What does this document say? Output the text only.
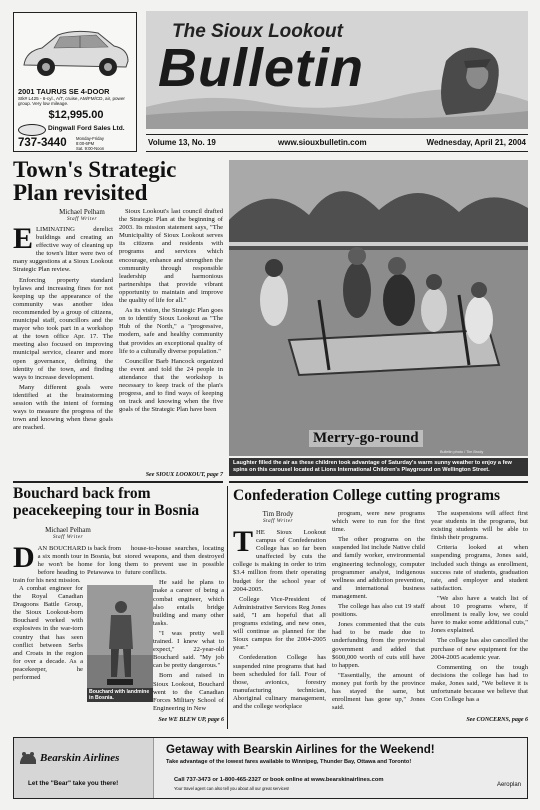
2001 TAURUS SE 4-DOOR
Stk# L425 - 6-cyl., A/T, cruise, AM/FM/CD, air, power group. Very low mileage.
$12,995.00
Dingwall Ford Sales Ltd.
737-3440 Monday-Friday
8:00-6PM
Sat. 9:00-Noon
The Sioux Lookout
Bulletin
Volume 13, No. 19	www.siouxbulletin.com	Wednesday, April 21, 2004
Town's Strategic Plan revisited
Michael Pelham
Staff Writer

ELIMINATING derelict buildings and creating an effective way of cleaning up the town's litter were two of many suggestions at a Sioux Lookout Strategic Plan review.

Enforcing property standard bylaws and increasing fines for not keeping up the appearance of the community was another idea recommended by a group of citizens, municipal staff, councillors and the mayor who took part in a workshop at the town office Apr. 17. The meeting also focused on improving municipal service, clearer and more open governance, defining the identity of the town, and finding ways to increase development.

Many different goals were identified at the brainstorming session with the intent of forming ways to measure the progress of the town and knowing when these goals are reached.

Sioux Lookout's last council drafted the Strategic Plan at the beginning of 2003. Its mission statement says, "The Municipality of Sioux Lookout serves its citizens and residents with programs and services which encourage, enhance and strengthen the community through responsible leadership and harmonious partnerships that provide vibrant opportunity to maintain and improve the quality of life for all."

As its vision, the Strategic Plan goes on to identify Sioux Lookout as "The Hub of the North," a "progressive, modern, safe and healthy community that provides an exceptional quality of life to a culturally diverse population."

Councillor Barb Hancock organized the event and told the 24 people in attendance that the workshop is necessary to keep track of the plan's progress, and to find ways of keeping on track and knowing when the five goals of the Strategic Plan have been

See SIOUX LOOKOUT, page 7
Merry-go-round
Bulletin photo / Tim Brody
Laughter filled the air as these children took advantage of Saturday's warm sunny weather to enjoy a few spins on this carousel located at Lions International Children's Playground on Wellington Street.
Bouchard back from peacekeeping tour in Bosnia
Michael Pelham
Staff Writer

DAN BOUCHARD is back from a six month tour in Bosnia, but he won't be home for long before heading to Petawawa to train for his next mission.

Bouchard with landmine in Bosnia.

A combat engineer for the Royal Canadian Dragoons Battle Group, the Sioux Lookout-born Bouchard worked with explosives in the war-torn country that has seen conflict between Serbs and Croats in the region for over a decade. As a peacekeeper, he performed

house-to-house searches, locating stored weapons, and then destroyed them to prevent use in possible future conflicts.

He said he plans to make a career of being a combat engineer, which also entails bridge building and many other tasks.

"I was pretty well trained. I knew what to expect," 22-year-old Bouchard said. "My job can be pretty dangerous."

Born and raised in Sioux Lookout, Bouchard went to the Canadian Forces Military School of Engineering in New

See WE BLEW UP, page 6
Confederation College cutting programs
Tim Brody
Staff Writer

THE Sioux Lookout campus of Confederation College has so far been unaffected by cuts the college is making in order to trim $3.4 million from their operating budget for the school year of 2004-2005.

College Vice-President of Administrative Services Reg Jones said, "I am hopeful that all programs existing, and new ones, will continue as planned for the Sioux campus for the 2004-2005 year."

Confederation College has suspended nine programs that had been scheduled for fall. Four of those, avionics, forestry manufacturing technician, Aboriginal culinary management, and the college workplace

program, were new programs which were to run for the first time.

The other programs on the suspended list include Native child and family worker, environmental engineering technology, computer programmer analyst, indigenous wellness and addiction prevention, and international business management.

The college has also cut 19 staff positions.

Jones commented that the cuts had to be made due to underfunding from the provincial government and added that $600,000 worth of cuts still have to happen.

"Essentially, the amount of money put forth by the province has stayed the same, but enrollment has gone up," Jones said.

The suspensions will affect first year students in the programs, but existing students will be able to finish their programs.

Criteria looked at when suspending programs, Jones said, included such things as enrollment, success rate of students, graduation rate, and employer and student satisfaction.

"We also have a watch list of about 10 programs where, if enrollment is really low, we could have to make some additional cuts," Jones explained.

The college has also cancelled the purchase of new equipment for the 2004-2005 academic year.

Commenting on the tough decisions the college has had to make, Jones said, "We believe it is unfortunate because we believe that Con College has a

See CONCERNS, page 6
Bearskin Airlines
Let the "Bear" take you there!
Getaway with Bearskin Airlines for the Weekend!
Take advantage of the lowest fares available to Winnipeg, Thunder Bay, Ottawa and Toronto!
Call 737-3473 or 1-800-465-2327 or book online at www.bearskinairlines.com
Your travel agent can also tell you about all our great services!
Aeroplan
